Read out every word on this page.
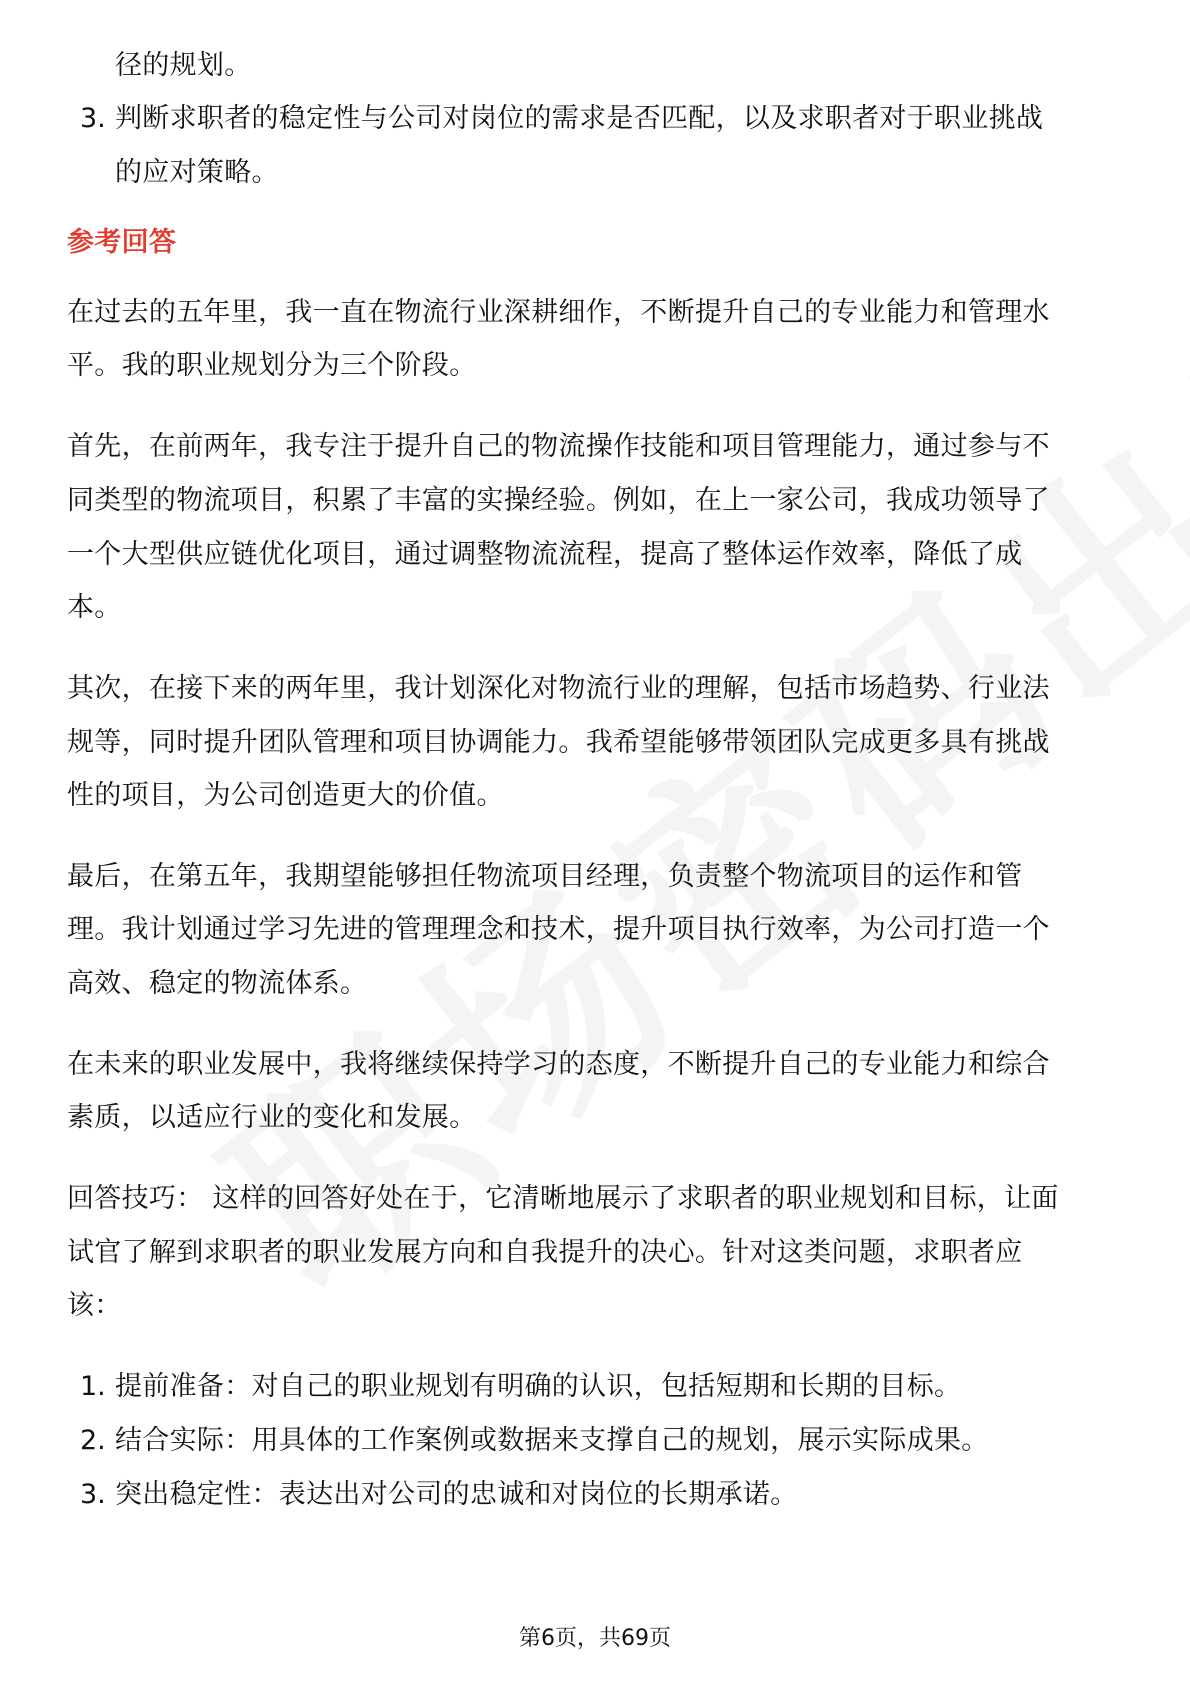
径的规划。
3. 判断求职者的稳定性与公司对岗位的需求是否匹配，以及求职者对于职业挑战
的应对策略。
参考回答
在过去的五年里，我一直在物流行业深耕细作，不断提升自己的专业能力和管理水
平。我的职业规划分为三个阶段。
首先，在前两年，我专注于提升自己的物流操作技能和项目管理能力，通过参与不
同类型的物流项目，积累了丰富的实操经验。例如，在上一家公司，我成功领导了
一个大型供应链优化项目，通过调整物流流程，提高了整体运作效率，降低了成
本。
其次，在接下来的两年里，我计划深化对物流行业的理解，包括市场趋势、行业法
规等，同时提升团队管理和项目协调能力。我希望能够带领团队完成更多具有挑战
性的项目，为公司创造更大的价值。
最后，在第五年，我期望能够担任物流项目经理，负责整个物流项目的运作和管
理。我计划通过学习先进的管理理念和技术，提升项目执行效率，为公司打造一个
高效、稳定的物流体系。
在未来的职业发展中，我将继续保持学习的态度，不断提升自己的专业能力和综合
素质，以适应行业的变化和发展。
回答技巧： 这样的回答好处在于，它清晰地展示了求职者的职业规划和目标，让面
试官了解到求职者的职业发展方向和自我提升的决心。针对这类问题，求职者应
该：
1. 提前准备：对自己的职业规划有明确的认识，包括短期和长期的目标。
2. 结合实际：用具体的工作案例或数据来支撑自己的规划，展示实际成果。
3. 突出稳定性：表达出对公司的忠诚和对岗位的长期承诺。
第6页，共69页
